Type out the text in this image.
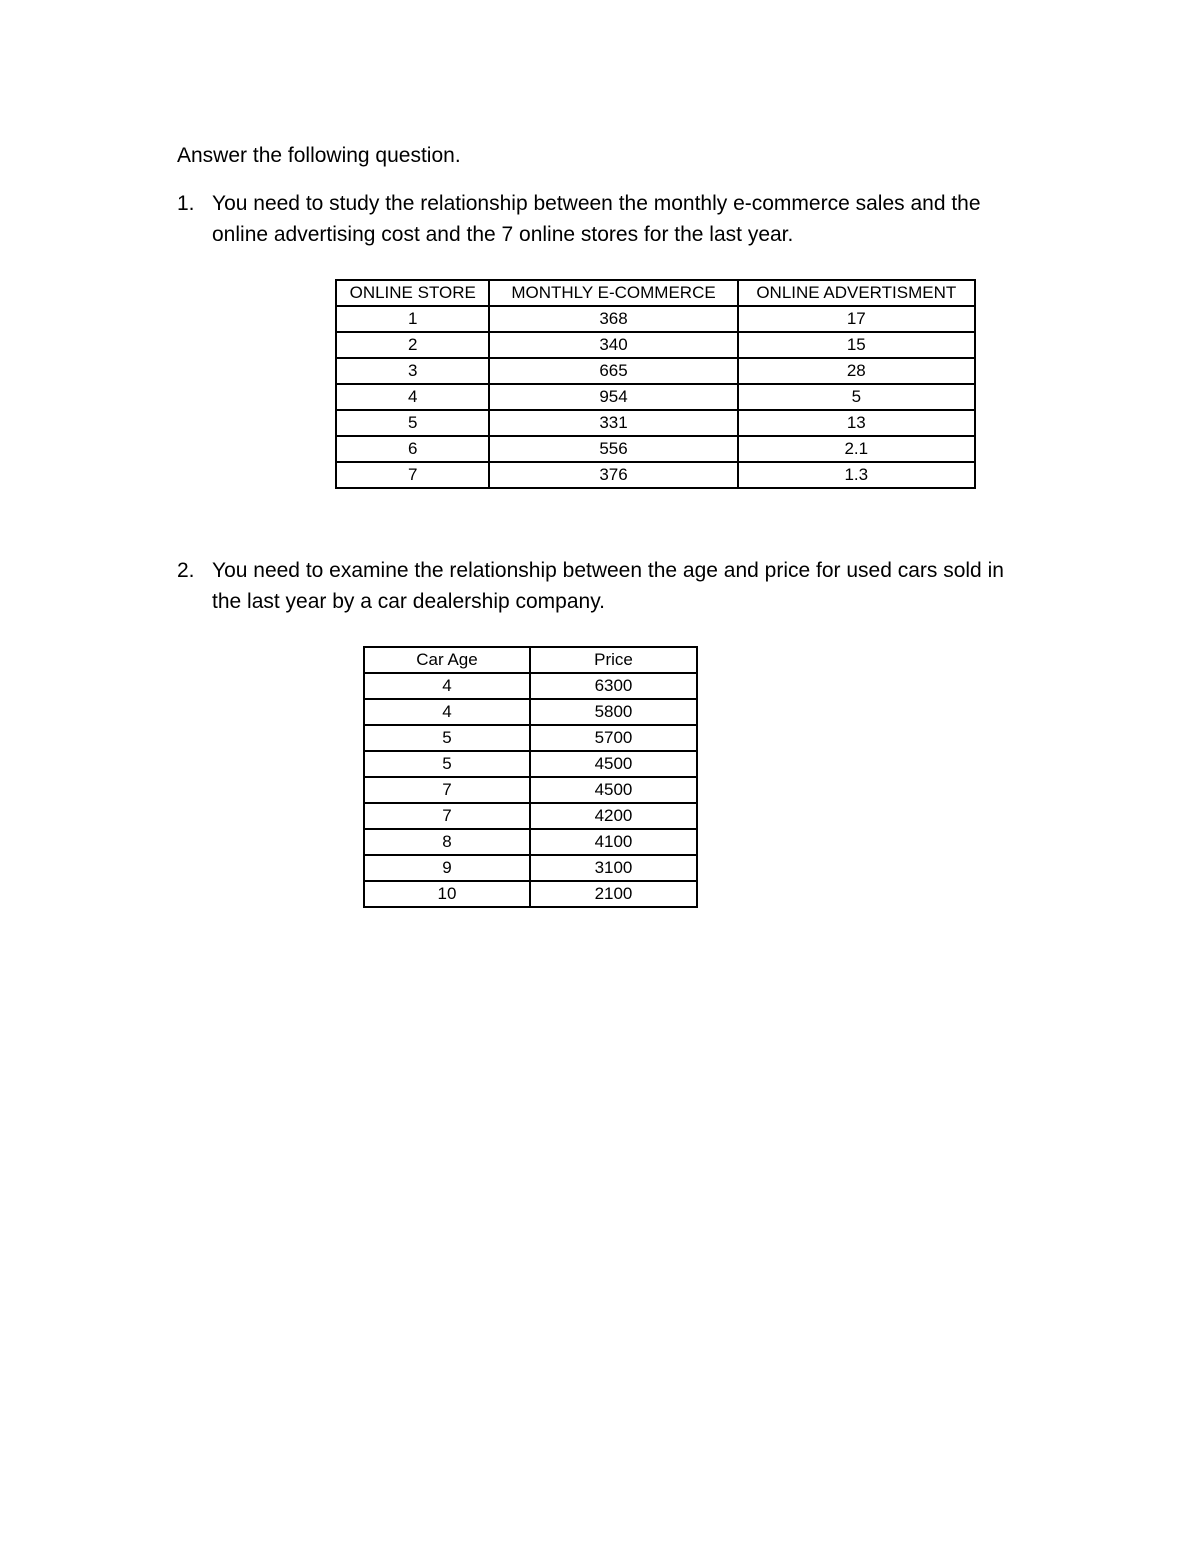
Answer the following question.

1. You need to study the relationship between the monthly e-commerce sales and the online advertising cost and the 7 online stores for the last year.
ONLINE STORE	MONTHLY E-COMMERCE	ONLINE ADVERTISMENT
1	368	17
2	340	15
3	665	28
4	954	5
5	331	13
6	556	2.1
7	376	1.3
2. You need to examine the relationship between the age and price for used cars sold in the last year by a car dealership company.
Car Age	Price
4	6300
4	5800
5	5700
5	4500
7	4500
7	4200
8	4100
9	3100
10	2100
